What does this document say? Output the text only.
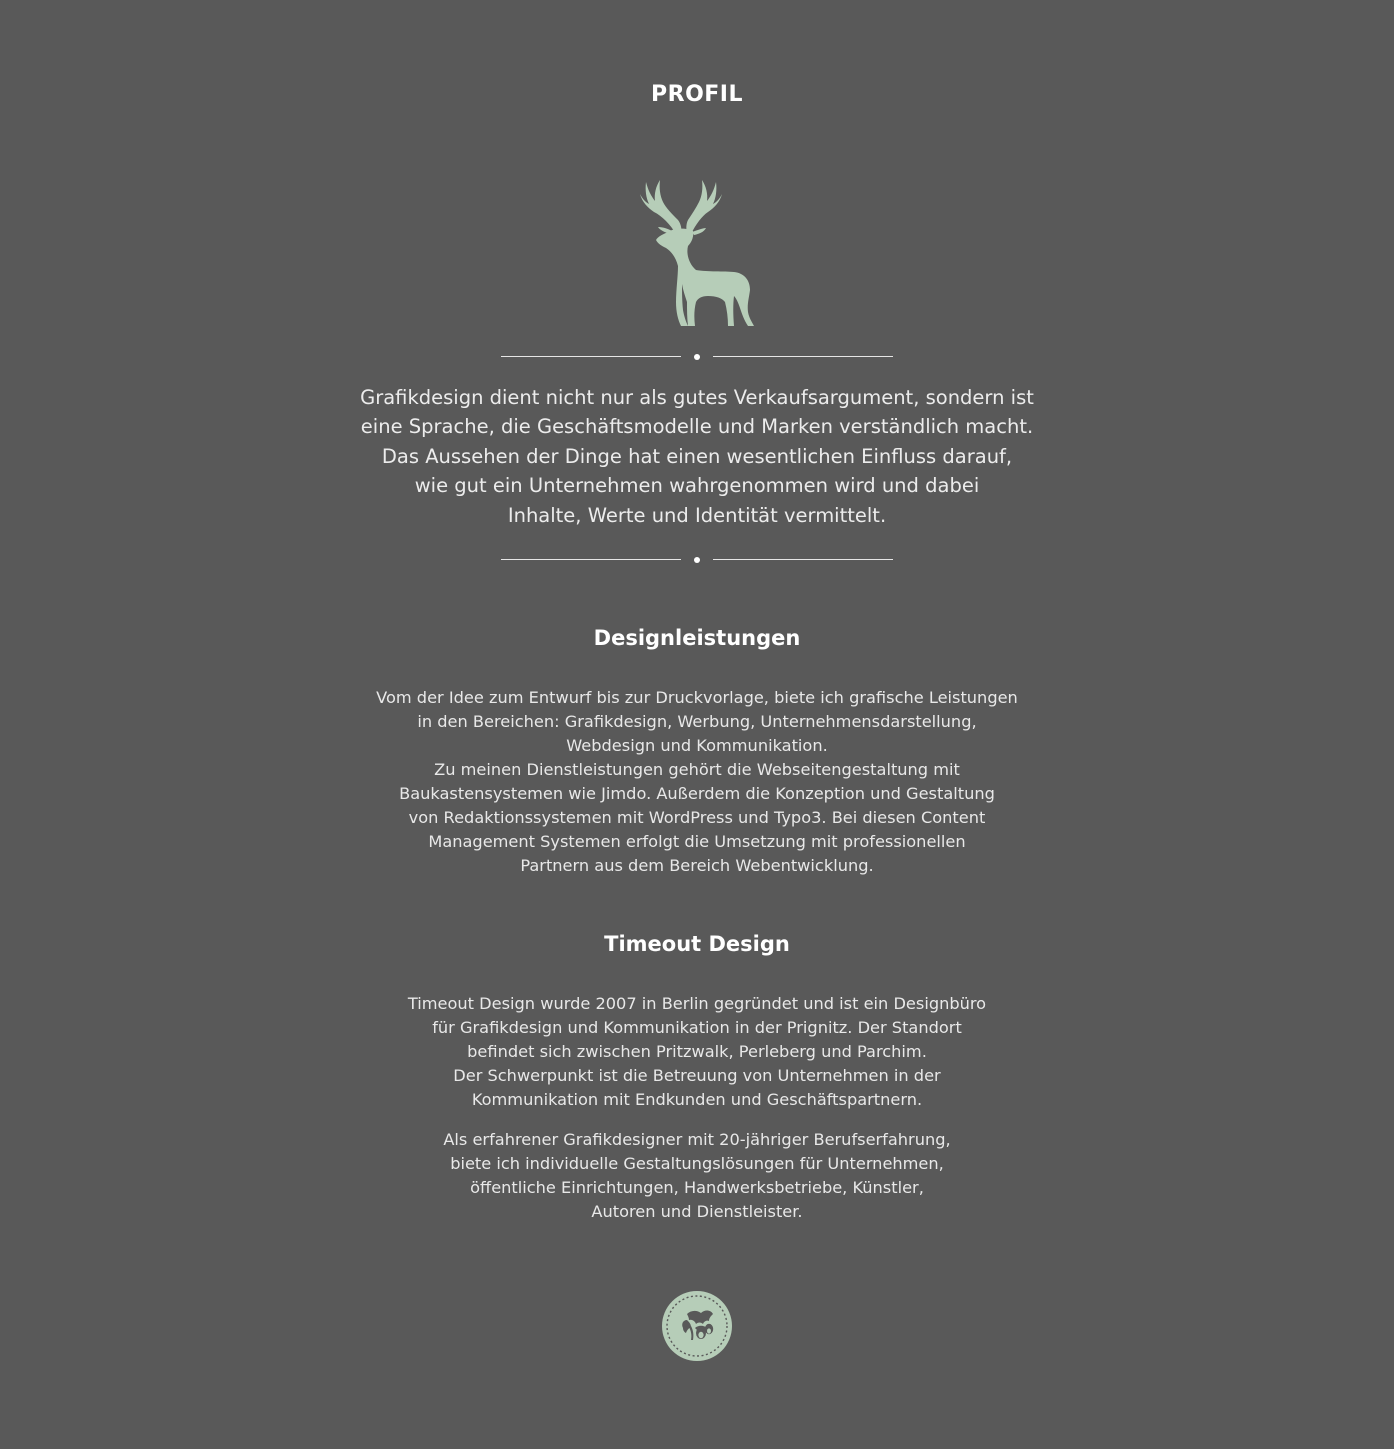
PROFIL
Grafikdesign dient nicht nur als gutes Verkaufsargument, sondern ist
eine Sprache, die Geschäftsmodelle und Marken verständlich macht.
Das Aussehen der Dinge hat einen wesentlichen Einfluss darauf,
wie gut ein Unternehmen wahrgenommen wird und dabei
Inhalte, Werte und Identität vermittelt.
Designleistungen

Vom der Idee zum Entwurf bis zur Druckvorlage, biete ich grafische Leistungen
in den Bereichen: Grafikdesign, Werbung, Unternehmensdarstellung,
Webdesign und Kommunikation.
Zu meinen Dienstleistungen gehört die Webseitengestaltung mit
Baukastensystemen wie Jimdo. Außerdem die Konzeption und Gestaltung
von Redaktionssystemen mit WordPress und Typo3. Bei diesen Content
Management Systemen erfolgt die Umsetzung mit professionellen
Partnern aus dem Bereich Webentwicklung.

Timeout Design

Timeout Design wurde 2007 in Berlin gegründet und ist ein Designbüro
für Grafikdesign und Kommunikation in der Prignitz. Der Standort
befindet sich zwischen Pritzwalk, Perleberg und Parchim.
Der Schwerpunkt ist die Betreuung von Unternehmen in der
Kommunikation mit Endkunden und Geschäftspartnern.

Als erfahrener Grafikdesigner mit 20-jähriger Berufserfahrung,
biete ich individuelle Gestaltungslösungen für Unternehmen,
öffentliche Einrichtungen, Handwerksbetriebe, Künstler,
Autoren und Dienstleister.
